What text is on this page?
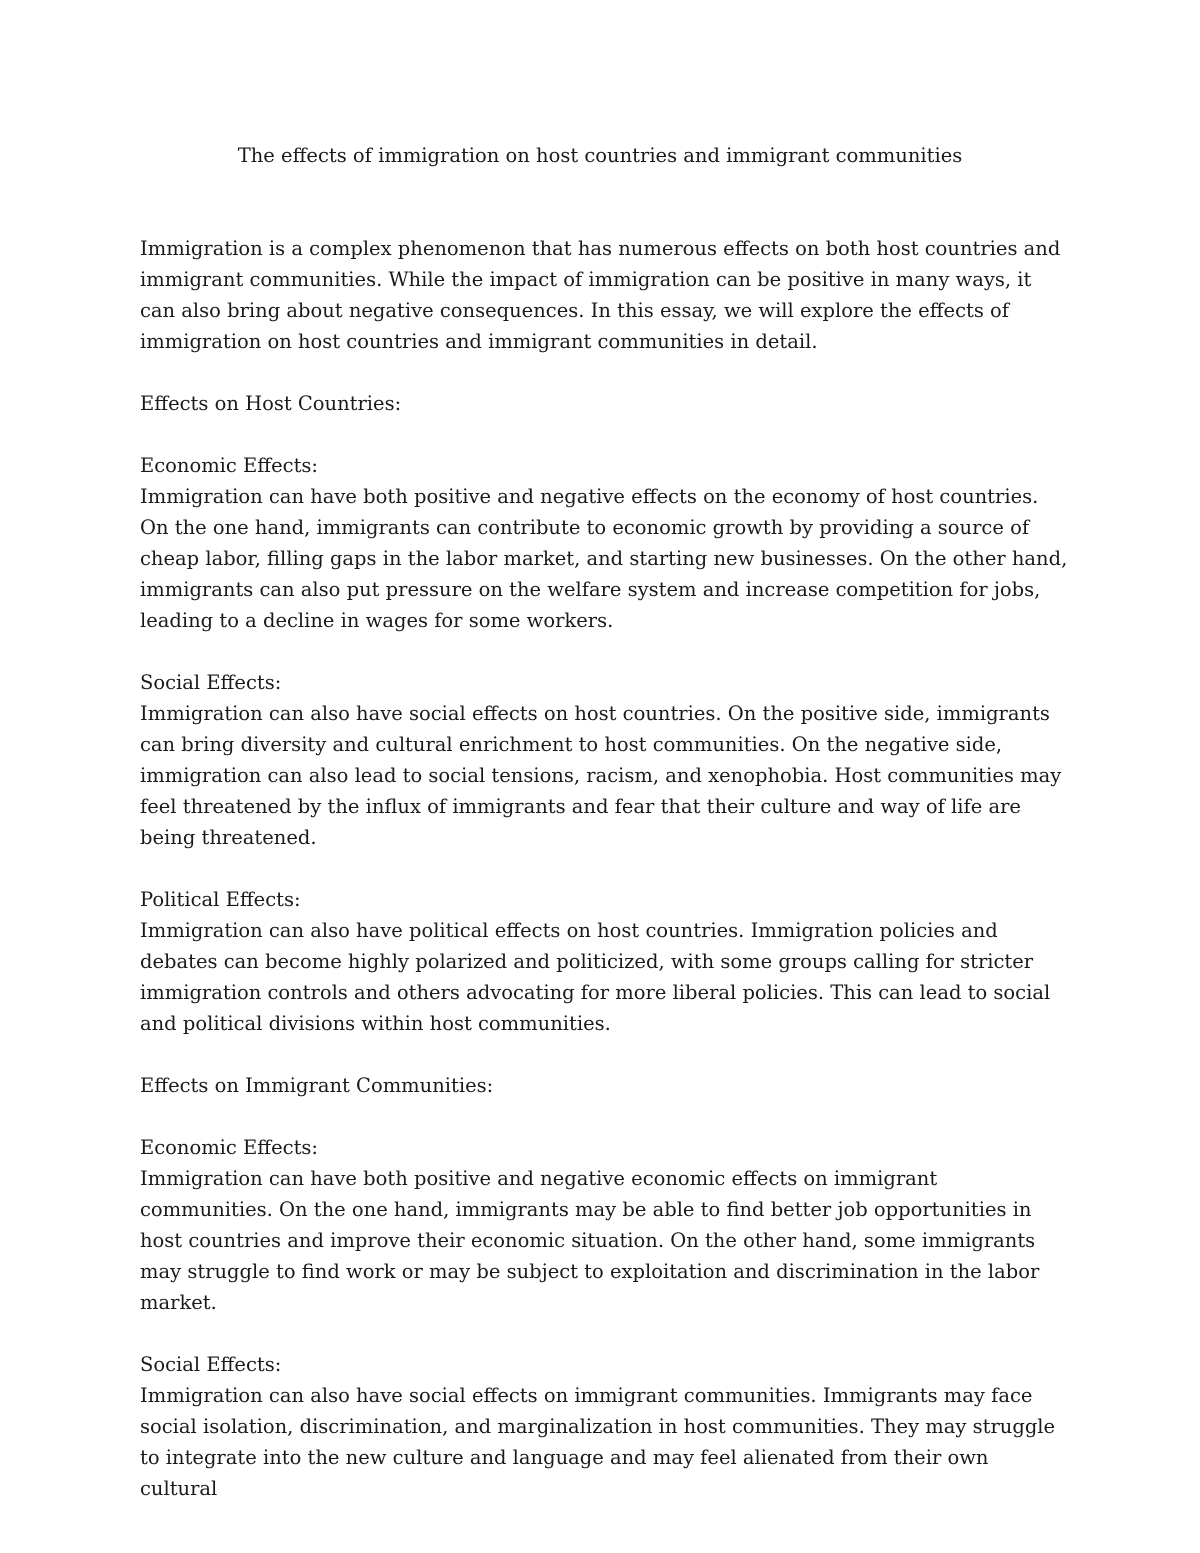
The effects of immigration on host countries and immigrant communities

Immigration is a complex phenomenon that has numerous effects on both host countries and immigrant communities. While the impact of immigration can be positive in many ways, it can also bring about negative consequences. In this essay, we will explore the effects of immigration on host countries and immigrant communities in detail.

Effects on Host Countries:

Economic Effects:

Immigration can have both positive and negative effects on the economy of host countries. On the one hand, immigrants can contribute to economic growth by providing a source of cheap labor, filling gaps in the labor market, and starting new businesses. On the other hand, immigrants can also put pressure on the welfare system and increase competition for jobs, leading to a decline in wages for some workers.

Social Effects:

Immigration can also have social effects on host countries. On the positive side, immigrants can bring diversity and cultural enrichment to host communities. On the negative side, immigration can also lead to social tensions, racism, and xenophobia. Host communities may feel threatened by the influx of immigrants and fear that their culture and way of life are being threatened.

Political Effects:

Immigration can also have political effects on host countries. Immigration policies and debates can become highly polarized and politicized, with some groups calling for stricter immigration controls and others advocating for more liberal policies. This can lead to social and political divisions within host communities.

Effects on Immigrant Communities:

Economic Effects:

Immigration can have both positive and negative economic effects on immigrant communities. On the one hand, immigrants may be able to find better job opportunities in host countries and improve their economic situation. On the other hand, some immigrants may struggle to find work or may be subject to exploitation and discrimination in the labor market.

Social Effects:

Immigration can also have social effects on immigrant communities. Immigrants may face social isolation, discrimination, and marginalization in host communities. They may struggle to integrate into the new culture and language and may feel alienated from their own cultural
